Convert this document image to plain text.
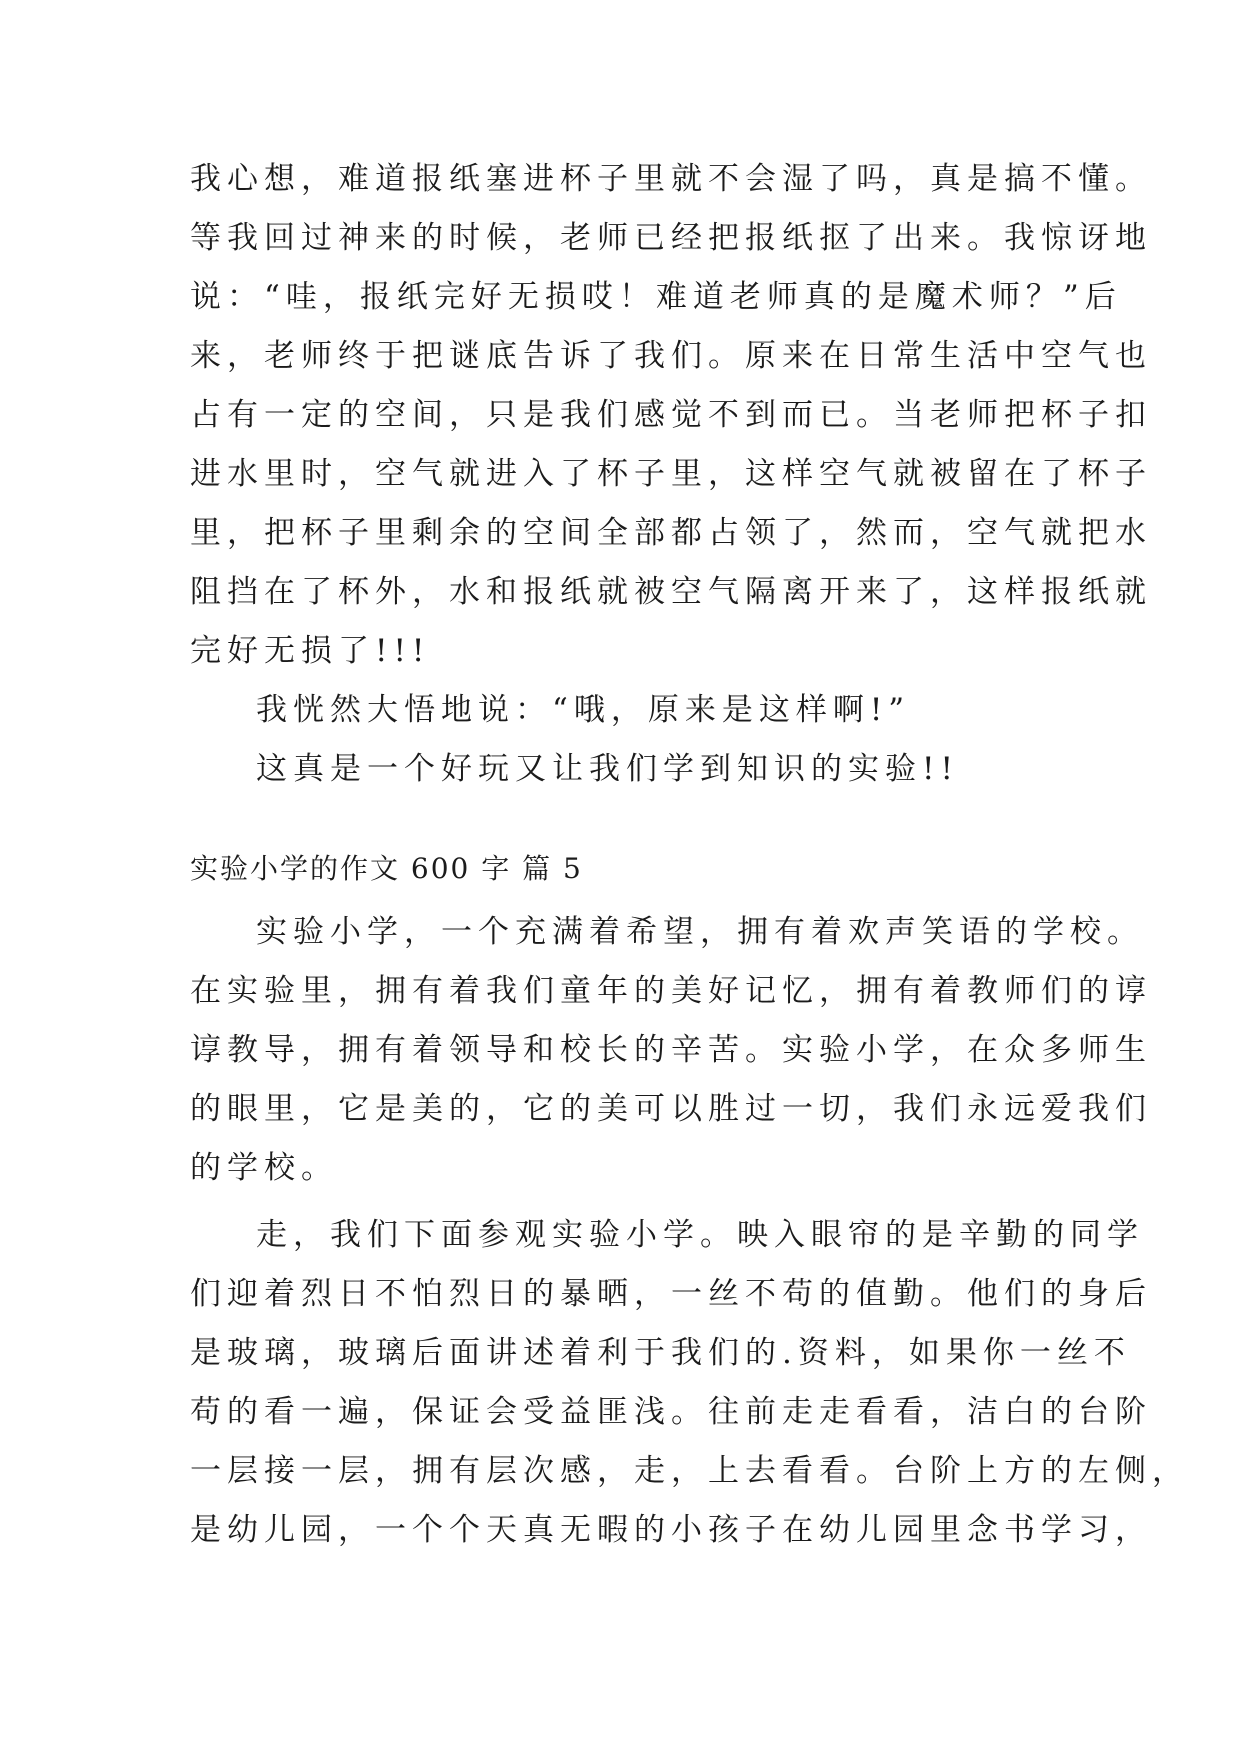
我心想，难道报纸塞进杯子里就不会湿了吗，真是搞不懂。
等我回过神来的时候，老师已经把报纸抠了出来。我惊讶地
说：“哇，报纸完好无损哎！难道老师真的是魔术师？”后
来，老师终于把谜底告诉了我们。原来在日常生活中空气也
占有一定的空间，只是我们感觉不到而已。当老师把杯子扣
进水里时，空气就进入了杯子里，这样空气就被留在了杯子
里，把杯子里剩余的空间全部都占领了，然而，空气就把水
阻挡在了杯外，水和报纸就被空气隔离开来了，这样报纸就
完好无损了!!!
我恍然大悟地说：“哦，原来是这样啊!”
这真是一个好玩又让我们学到知识的实验!!
实验小学的作文 600 字 篇 5
实验小学，一个充满着希望，拥有着欢声笑语的学校。
在实验里，拥有着我们童年的美好记忆，拥有着教师们的谆
谆教导，拥有着领导和校长的辛苦。实验小学，在众多师生
的眼里，它是美的，它的美可以胜过一切，我们永远爱我们
的学校。
走，我们下面参观实验小学。映入眼帘的是辛勤的同学
们迎着烈日不怕烈日的暴晒，一丝不苟的值勤。他们的身后
是玻璃，玻璃后面讲述着利于我们的.资料，如果你一丝不
苟的看一遍，保证会受益匪浅。往前走走看看，洁白的台阶
一层接一层，拥有层次感，走，上去看看。台阶上方的左侧，
是幼儿园，一个个天真无暇的小孩子在幼儿园里念书学习，
